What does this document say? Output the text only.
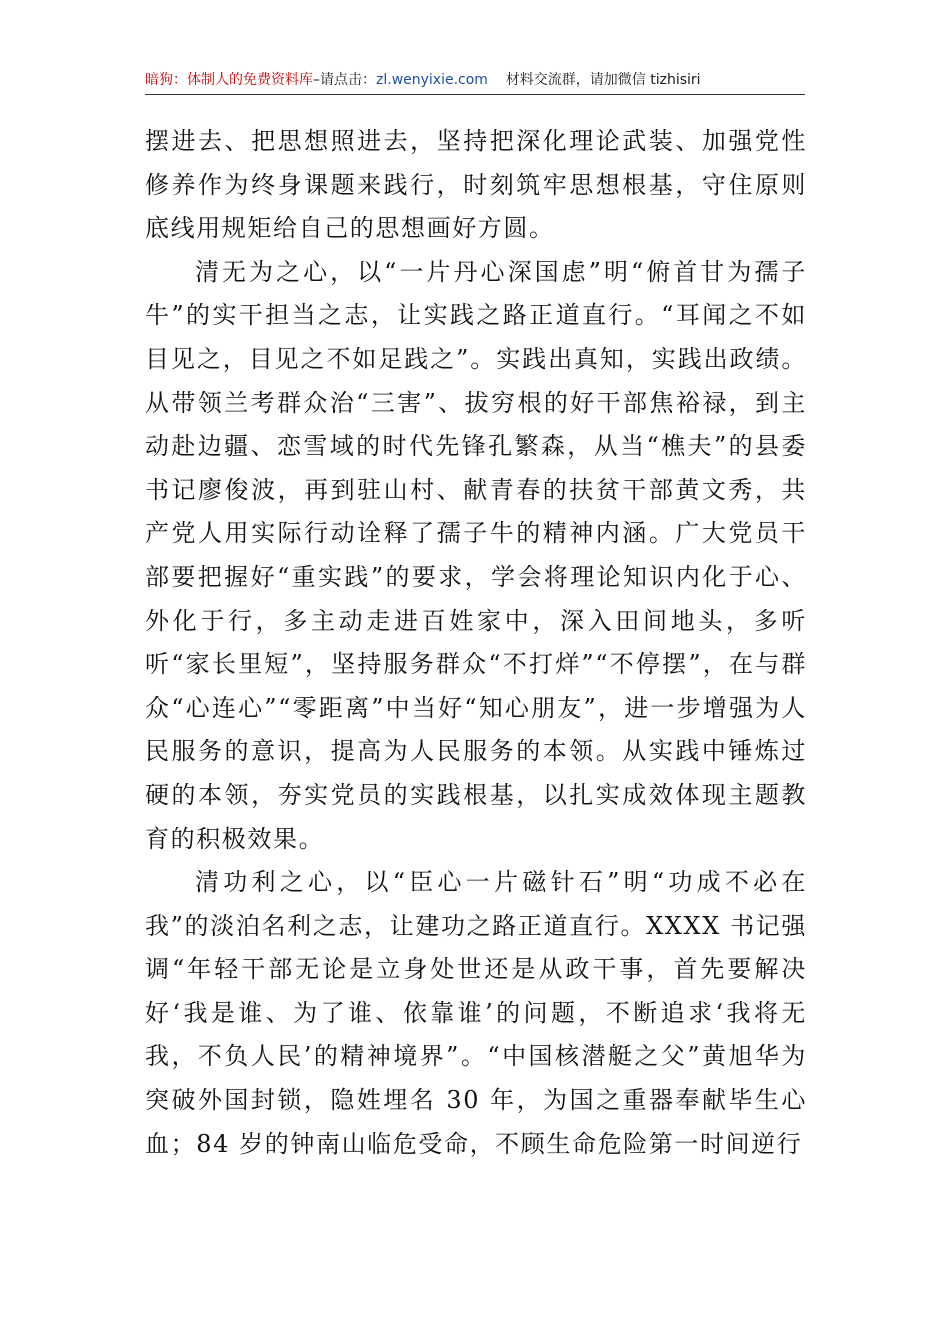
暗狗：体制人的免费资料库–请点击：zl.wenyixie.com 材料交流群，请加微信 tizhisiri

摆进去、把思想照进去，坚持把深化理论武装、加强党性修养作为终身课题来践行，时刻筑牢思想根基，守住原则底线用规矩给自己的思想画好方圆。

清无为之心，以“一片丹心深国虑”明“俯首甘为孺子牛”的实干担当之志，让实践之路正道直行。“耳闻之不如目见之，目见之不如足践之”。实践出真知，实践出政绩。从带领兰考群众治“三害”、拔穷根的好干部焦裕禄，到主动赴边疆、恋雪域的时代先锋孔繁森，从当“樵夫”的县委书记廖俊波，再到驻山村、献青春的扶贫干部黄文秀，共产党人用实际行动诠释了孺子牛的精神内涵。广大党员干部要把握好“重实践”的要求，学会将理论知识内化于心、外化于行，多主动走进百姓家中，深入田间地头，多听听“家长里短”，坚持服务群众“不打烊”“不停摆”，在与群众“心连心”“零距离”中当好“知心朋友”，进一步增强为人民服务的意识，提高为人民服务的本领。从实践中锤炼过硬的本领，夯实党员的实践根基，以扎实成效体现主题教育的积极效果。

清功利之心，以“臣心一片磁针石”明“功成不必在我”的淡泊名利之志，让建功之路正道直行。XXXX 书记强调“年轻干部无论是立身处世还是从政干事，首先要解决好‘我是谁、为了谁、依靠谁’的问题，不断追求‘我将无我，不负人民’的精神境界”。“中国核潜艇之父”黄旭华为突破外国封锁，隐姓埋名 30 年，为国之重器奉献毕生心血；84 岁的钟南山临危受命，不顾生命危险第一时间逆行
